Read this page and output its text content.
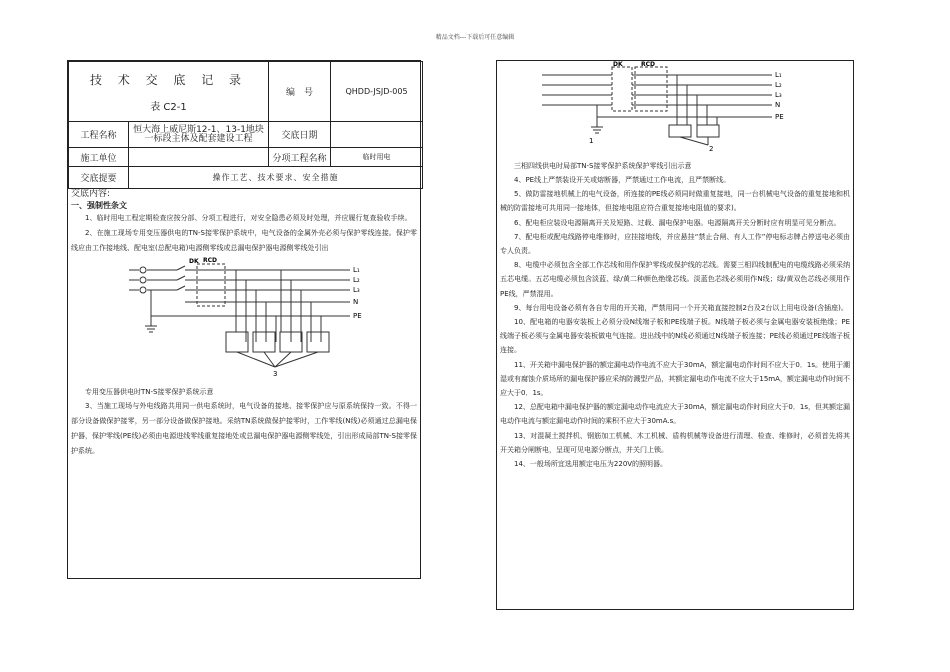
精品文档---下载后可任意编辑
技 术 交 底 记 录
表 C2-1		编　号	QHDD-JSJD-005
工程名称	恒大海上威尼斯12-1、13-1地块一标段主体及配套建设工程	交底日期	
施工单位		分项工程名称	临时用电
交底提要	操作工艺、技术要求、安全措施		
交底内容:
一、强制性条文

1、临时用电工程定期检查应按分部、分项工程进行，对安全隐患必须及时处理，并应履行复查验收手续。

2、在施工现场专用变压器供电的TN-S接零保护系统中，电气设备的金属外壳必须与保护零线连接。保护零线应由工作接地线、配电室(总配电箱)电源侧零线或总漏电保护器电源侧零线处引出

DK RCD
L₁
L₂
L₃
N
PE
3

专用变压器供电时TN-S接零保护系统示意

3、当施工现场与外电线路共用同一供电系统时，电气设备的接地、接零保护应与原系统保持一致。不得一部分设备做保护接零，另一部分设备做保护接地。采纳TN系统做保护接零时，工作零线(N线)必须通过总漏电保护器，保护零线(PE线)必须由电源进线零线重复接地处或总漏电保护器电源侧零线处，引出形成局部TN-S接零保护系统。

DK	RCD
L₁
L₂
L₃
N
PE
1
2

三相四线供电时局部TN-S接零保护系统保护零线引出示意

4、PE线上严禁装设开关或熔断器，严禁通过工作电流，且严禁断线。

5、做防雷接地机械上的电气设备，所连接的PE线必须同时做重复接地，同一台机械电气设备的重复接地和机械的防雷接地可共用同一接地体，但接地电阻应符合重复接地电阻值的要求)。

6、配电柜应装设电源隔离开关及短路、过载、漏电保护电器。电源隔离开关分断时应有明显可见分断点。

7、配电柜或配电线路停电维修时，应挂接地线，并应悬挂“禁止合闸、有人工作”停电标志牌占停送电必须由专人负责。

8、电缆中必须包含全部工作芯线和用作保护零线或保护线的芯线。需要三相四线制配电的电缆线路必须采纳五芯电缆。五芯电缆必须包含淡蓝、绿/黄二种颜色绝缘芯线。淡蓝色芯线必须用作N线；绿/黄双色芯线必须用作PE线，严禁混用。

9、每台用电设备必须有各自专用的开关箱，严禁用同一个开关箱直接控制2台及2台以上用电设备(含插座)。

10、配电箱的电器安装板上必须分设N线端子板和PE线端子板。N线端子板必须与金属电器安装板绝缘；PE线端子板必须与金属电器安装板做电气连接。进出线中的N线必须通过N线端子板连接；PE线必须通过PE线端子板连接。

11、开关箱中漏电保护器的额定漏电动作电流不应大于30mA，额定漏电动作时间不应大于0．1s。使用于潮湿或有腐蚀介质场所的漏电保护器应采纳防溅型产品，其额定漏电动作电流不应大于15mA，额定漏电动作时间不应大于0．1s。

12、总配电箱中漏电保护器的额定漏电动作电流应大于30mA，额定漏电动作时间应大于0．1s，但其额定漏电动作电流与额定漏电动作时间的乘积不应大于30mA.s。

13、对混凝土搅拌机、钢筋加工机械、木工机械、盾构机械等设备进行清理、检查、维修时，必须首先将其开关箱分闸断电，呈现可见电源分断点，并关门上锁。

14、一般场所宜选用额定电压为220V的照明器。
